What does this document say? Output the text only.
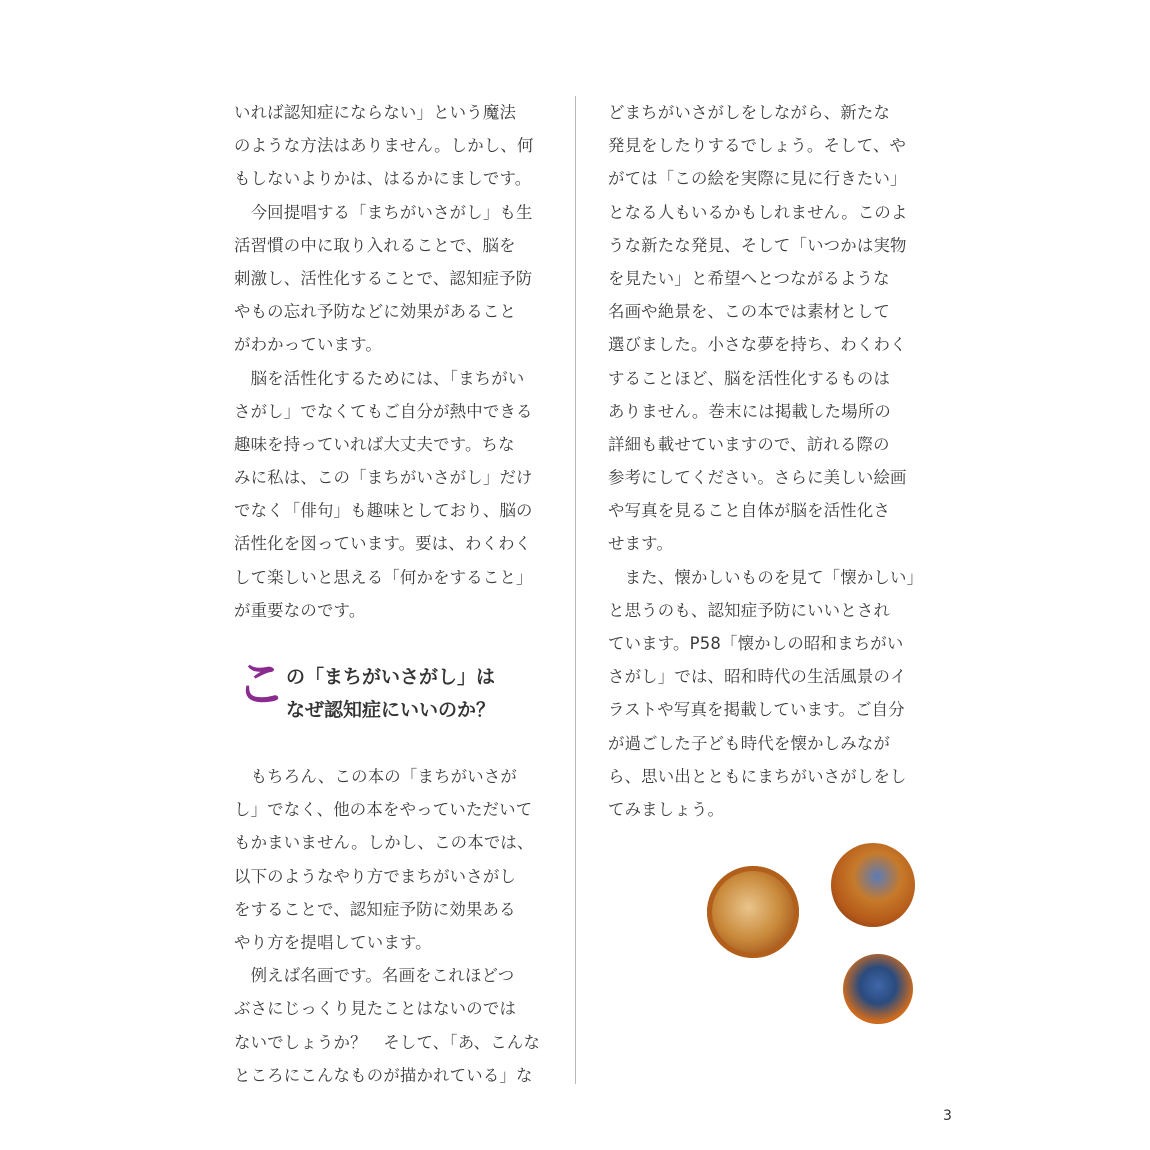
いれば認知症にならない」という魔法
のような方法はありません。しかし、何
もしないよりかは、はるかにましです。
　今回提唱する「まちがいさがし」も生
活習慣の中に取り入れることで、脳を
刺激し、活性化することで、認知症予防
やもの忘れ予防などに効果があること
がわかっています。
　脳を活性化するためには、「まちがい
さがし」でなくてもご自分が熱中できる
趣味を持っていれば大丈夫です。ちな
みに私は、この「まちがいさがし」だけ
でなく「俳句」も趣味としており、脳の
活性化を図っています。要は、わくわく
して楽しいと思える「何かをすること」
が重要なのです。
こ の「まちがいさがし」は
なぜ認知症にいいのか？
　もちろん、この本の「まちがいさが
し」でなく、他の本をやっていただいて
もかまいません。しかし、この本では、
以下のようなやり方でまちがいさがし
をすることで、認知症予防に効果ある
やり方を提唱しています。
　例えば名画です。名画をこれほどつ
ぶさにじっくり見たことはないのでは
ないでしょうか？　そして、「あ、こんな
ところにこんなものが描かれている」な
どまちがいさがしをしながら、新たな
発見をしたりするでしょう。そして、や
がては「この絵を実際に見に行きたい」
となる人もいるかもしれません。このよ
うな新たな発見、そして「いつかは実物
を見たい」と希望へとつながるような
名画や絶景を、この本では素材として
選びました。小さな夢を持ち、わくわく
することほど、脳を活性化するものは
ありません。巻末には掲載した場所の
詳細も載せていますので、訪れる際の
参考にしてください。さらに美しい絵画
や写真を見ること自体が脳を活性化さ
せます。
　また、懐かしいものを見て「懐かしい」
と思うのも、認知症予防にいいとされ
ています。P58「懐かしの昭和まちがい
さがし」では、昭和時代の生活風景のイ
ラストや写真を掲載しています。ご自分
が過ごした子ども時代を懐かしみなが
ら、思い出とともにまちがいさがしをし
てみましょう。
3
